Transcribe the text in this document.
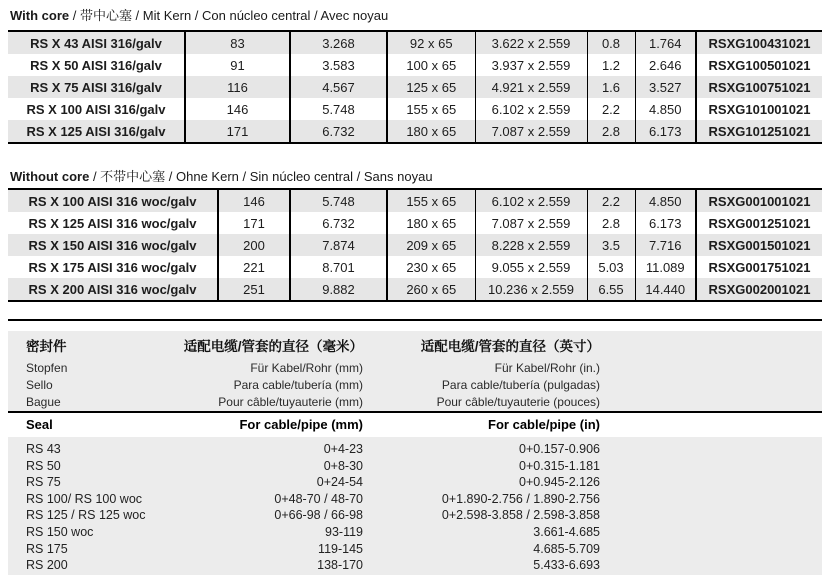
With core / 带中心塞 / Mit Kern / Con núcleo central / Avec noyau
RS X 43 AISI 316/galv	83	3.268	92 x 65	3.622 x 2.559	0.8	1.764	RSXG100431021
RS X 50 AISI 316/galv	91	3.583	100 x 65	3.937 x 2.559	1.2	2.646	RSXG100501021
RS X 75 AISI 316/galv	116	4.567	125 x 65	4.921 x 2.559	1.6	3.527	RSXG100751021
RS X 100 AISI 316/galv	146	5.748	155 x 65	6.102 x 2.559	2.2	4.850	RSXG101001021
RS X 125 AISI 316/galv	171	6.732	180 x 65	7.087 x 2.559	2.8	6.173	RSXG101251021
Without core / 不带中心塞 / Ohne Kern / Sin núcleo central / Sans noyau
RS X 100 AISI 316 woc/galv	146	5.748	155 x 65	6.102 x 2.559	2.2	4.850	RSXG001001021
RS X 125 AISI 316 woc/galv	171	6.732	180 x 65	7.087 x 2.559	2.8	6.173	RSXG001251021
RS X 150 AISI 316 woc/galv	200	7.874	209 x 65	8.228 x 2.559	3.5	7.716	RSXG001501021
RS X 175 AISI 316 woc/galv	221	8.701	230 x 65	9.055 x 2.559	5.03	11.089	RSXG001751021
RS X 200 AISI 316 woc/galv	251	9.882	260 x 65	10.236 x 2.559	6.55	14.440	RSXG002001021
密封件	适配电缆/管套的直径（毫米）	适配电缆/管套的直径（英寸）
Stopfen	Für Kabel/Rohr (mm)	Für Kabel/Rohr (in.)
Sello	Para cable/tubería (mm)	Para cable/tubería (pulgadas)
Bague	Pour câble/tuyauterie (mm)	Pour câble/tuyauterie (pouces)
Seal	For cable/pipe (mm)	For cable/pipe (in)
RS 43	0+4-23	0+0.157-0.906
RS 50	0+8-30	0+0.315-1.181
RS 75	0+24-54	0+0.945-2.126
RS 100/ RS 100 woc	0+48-70 / 48-70	0+1.890-2.756 / 1.890-2.756
RS 125 / RS 125 woc	0+66-98 / 66-98	0+2.598-3.858 / 2.598-3.858
RS 150 woc	93-119	3.661-4.685
RS 175	119-145	4.685-5.709
RS 200	138-170	5.433-6.693
